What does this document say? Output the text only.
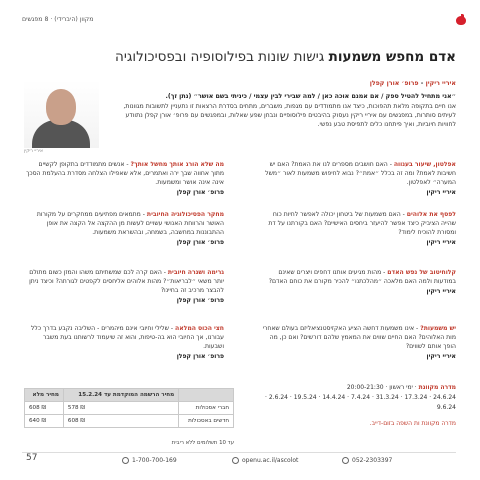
מקוון (היברידי) · 8 מפגשים
אדם מחפש משמעות גישות שונות בפילוסופיה ובפסיכולוגיה
איריי ריקין
איריי ריקין - פרופ׳ אורן קפלן
״אני מתחיל להטיל ספק / אם אמנם אוכה כאן / למה שבירי לבין עצמי / כיניתי בשם אושר״ (נתן זך).
אנו חיים בתקופה מלאת תהפוכות, כיצד אנו מתמודדים עם מגפות, משברים, מתחים בסדרת הרצאות זו נתעניין לתשובות מגוונות, לעיתים סותרות, במפגשים עם איריי ריקין נעסוק בהיבטים פילוסופיים ונבחן שפע שאלות, ובמפגשים עם פרופ׳ אורן קפלן נתוודע לחוויות חיוביות, ואיך פיתחנו כלים לתפיסת טבע נפשי.
אפלטון, שיעור בענווה - האם חושבים מספרים לנו את האמת? האם יש חשיבות לאמת? ומה זה בכלל ״אמת״? נבוא לחיפוש משמעות לאור ״משל המערה״ לאפלטון.
איריי ריקין
לפסף את אלוהים - האם משמעות של ביטחון יכולה לאפשר לחיות כוח שהייה הציביק כיצד אפשר להיעזר ביחסים האישיים? האם בקורתנו על דת ומסורת להוכיח לימוד?
איריי ריקין
קלוחיטוב של נפש האדם - מהות מגיעים אותנו דחפים ויצרים שאינם במודעות ולמה האם מלאכה ״מהלכתנו״ להכיר מקורם את כוחם האדם?
איריי ריקין
יש משמעות? - אינו משמעות דחשה הציע האקזיסטנציאליזם בעולם שאחרי מות האלוהים? האם החיים שווים את המאמץ שלהם דורשים? ואם כן, מה הופך אותם לשווים?
איריי ריקין
מה שלא הורג אותך מחשל אותך? - אנשים מתמודדים בתקופן לקשיים מתוך אחווה שבך ירה ואתמרים, אלא שאפילו הצלחה מסדרת בהעלמת הסכך אינה אינה אושר ומשמעות.
פרופ׳ אורן קפלן
מחקר הפסיכולוגיה החיובית - מתמאים מפתיעים ממחקרים על מקורות האושר והרווחת האנושי עשויים לעשות מן ההקצה אל הקצה את אופן ההתבוננות במחשבה, בשמחה, ובהשראת משמעות.
פרופ׳ אורן קפלן
גרימה ושנרה חיובית - האם קרה לכם שמשתיתם משהו והמזן כשום מתולם יותר משאי ״לבריאות״? מהות אלוהים אליחסים לקפטים לגורתה? וכיצד ניתן להבצר מרכיב זה בחיינו?
פרופ׳ אורן קפלן
חצי הכוס המלאה - שלילי וחיובי אינם מיהמרים - השליבה נקבע בדרך כלל עבורנו, אך החיובי הוא בה-טיפות, והוא זה שיעמוד לרשותנו בעת משבר ושבעות.
פרופ׳ אורן קפלן
מדרה מקוונת · ימי ראשון · 20:00-21:30
24.6.24 · 17.3.24 · 31.3.24 · 7.4.24 · 14.4.24 · 19.5.24 · 2.6.24 · 9.6.24
מדרה מקוונת ות השפה בזום-דייב.
	מחיר הרשמה המוקדמת עד 15.2.24	מחיר מלא
חברי אסכולות	578 ₪	608 ₪
חדשים באסכולות	608 ₪	640 ₪
עד 10 תשלומים ללא ריבית
57	1-700-700-169	openu.ac.il/ascolot	052-2303397
